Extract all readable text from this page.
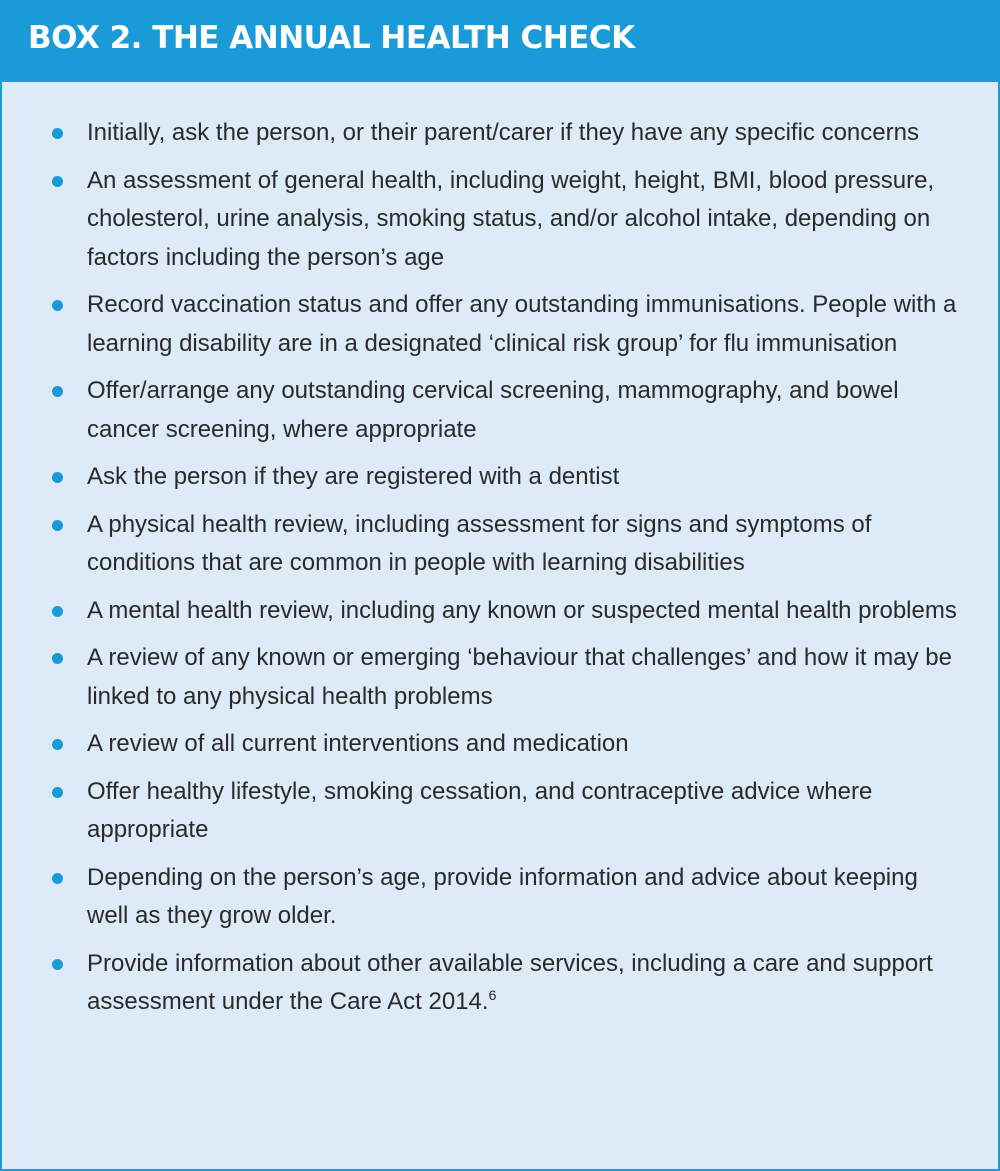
BOX 2. THE ANNUAL HEALTH CHECK
Initially, ask the person, or their parent/carer if they have any specific concerns
An assessment of general health, including weight, height, BMI, blood pressure, cholesterol, urine analysis, smoking status, and/or alcohol intake, depending on factors including the person’s age
Record vaccination status and offer any outstanding immunisations. People with a learning disability are in a designated ‘clinical risk group’ for flu immunisation
Offer/arrange any outstanding cervical screening, mammography, and bowel cancer screening, where appropriate
Ask the person if they are registered with a dentist
A physical health review, including assessment for signs and symptoms of conditions that are common in people with learning disabilities
A mental health review, including any known or suspected mental health problems
A review of any known or emerging ‘behaviour that challenges’ and how it may be linked to any physical health problems
A review of all current interventions and medication
Offer healthy lifestyle, smoking cessation, and contraceptive advice where appropriate
Depending on the person’s age, provide information and advice about keeping well as they grow older.
Provide information about other available services, including a care and support assessment under the Care Act 2014.$^6$
